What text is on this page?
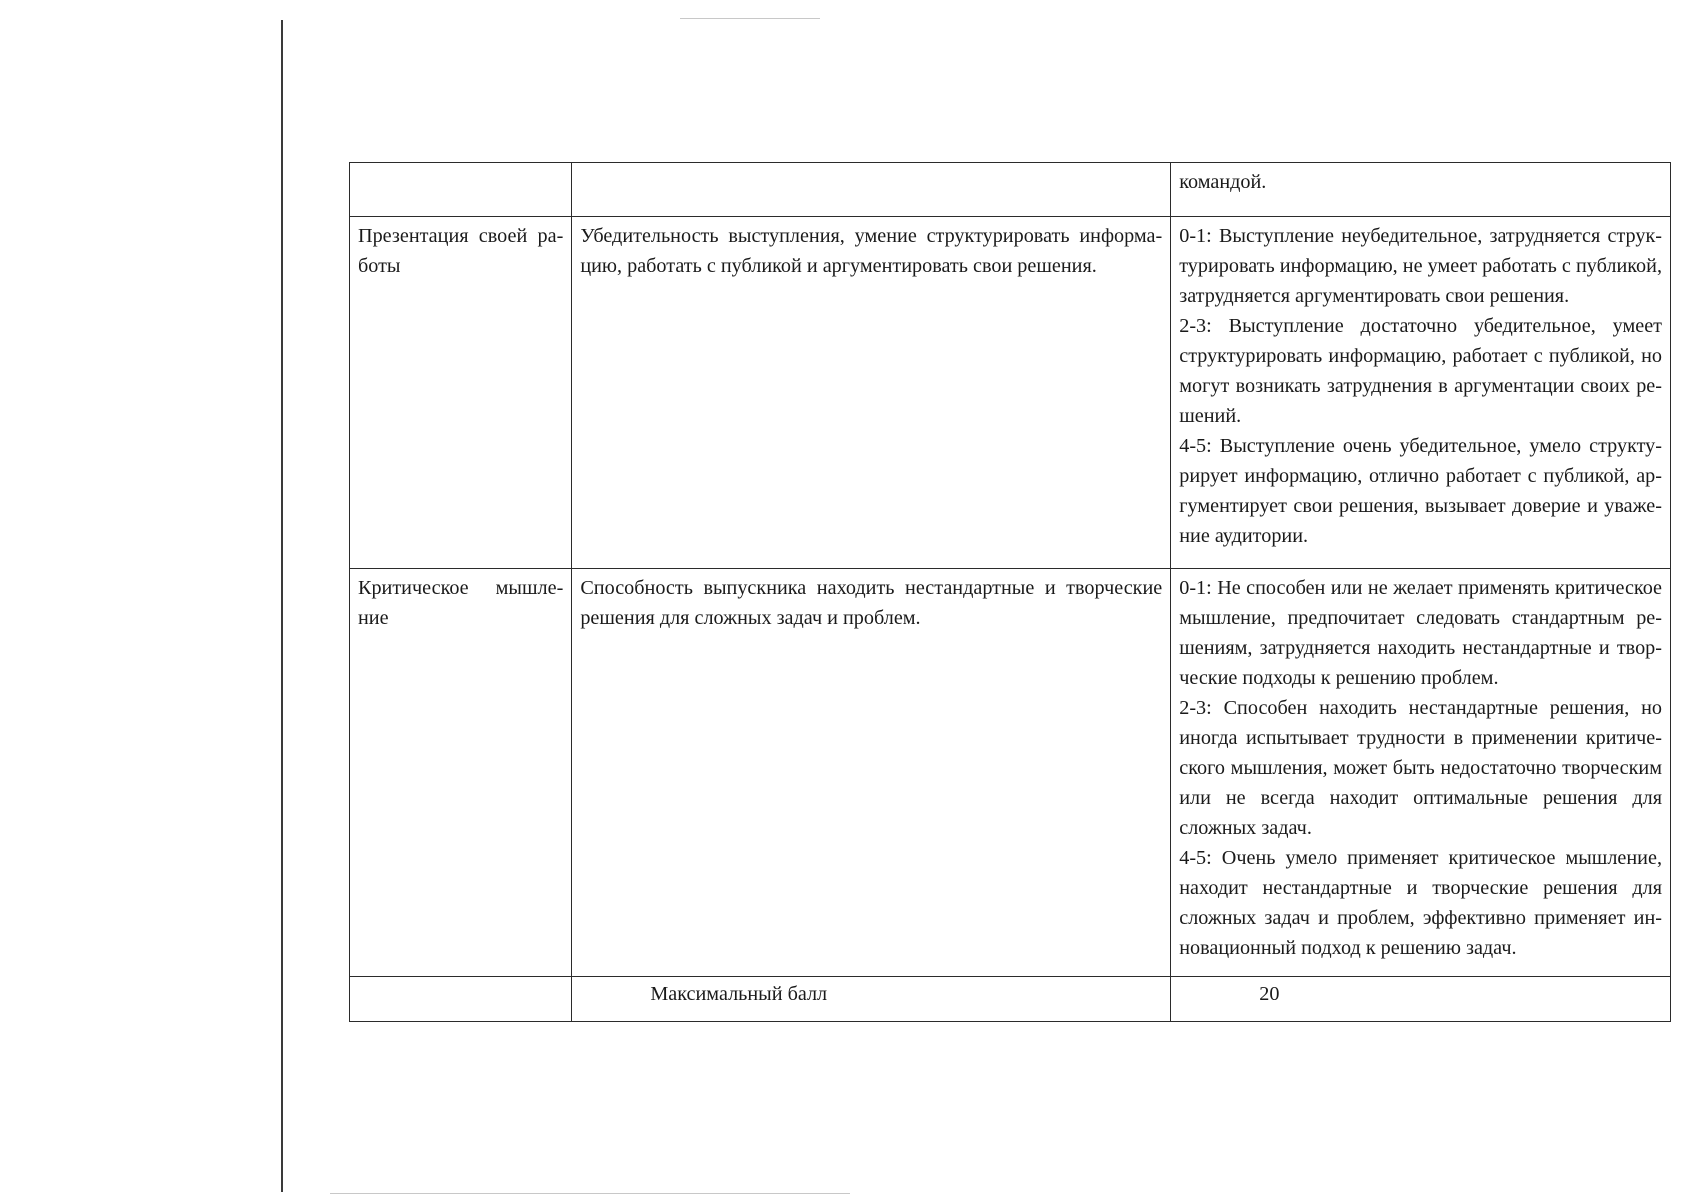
		командой.
Презентация своей работы	Убедительность выступления, умение структурировать информацию, работать с публикой и аргументировать свои решения.	0-1: Выступление неубедительное, затрудняется структурировать информацию, не умеет работать с публикой, затрудняется аргументировать свои решения.
2-3: Выступление достаточно убедительное, умеет структурировать информацию, работает с публикой, но могут возникать затруднения в аргументации своих решений.
4-5: Выступление очень убедительное, умело структурирует информацию, отлично работает с публикой, аргументирует свои решения, вызывает доверие и уважение аудитории.

Критическое мышление	Способность выпускника находить нестандартные и творческие решения для сложных задач и проблем.	0-1: Не способен или не желает применять критическое мышление, предпочитает следовать стандартным решениям, затрудняется находить нестандартные и творческие подходы к решению проблем.
2-3: Способен находить нестандартные решения, но иногда испытывает трудности в применении критического мышления, может быть недостаточно творческим или не всегда находит оптимальные решения для сложных задач.
4-5: Очень умело применяет критическое мышление, находит нестандартные и творческие решения для сложных задач и проблем, эффективно применяет инновационный подход к решению задач.

	Максимальный балл	20
